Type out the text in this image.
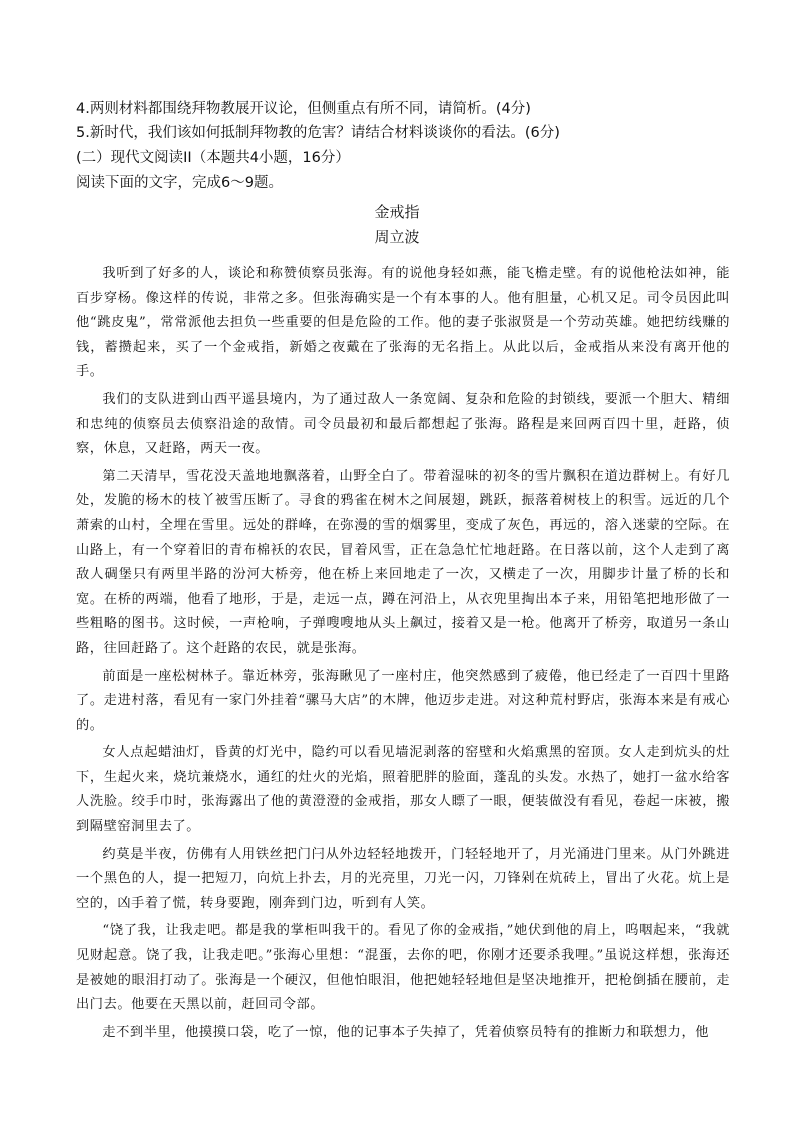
4.两则材料都围绕拜物教展开议论，但侧重点有所不同，请简析。(4分)
5.新时代，我们该如何抵制拜物教的危害？请结合材料谈谈你的看法。(6分)
(二）现代文阅读II（本题共4小题，16分）
阅读下面的文字，完成6～9题。
金戒指
周立波

我听到了好多的人，谈论和称赞侦察员张海。有的说他身轻如燕，能飞檐走壁。有的说他枪法如神，能百步穿杨。像这样的传说，非常之多。但张海确实是一个有本事的人。他有胆量，心机又足。司令员因此叫他“跳皮鬼”，常常派他去担负一些重要的但是危险的工作。他的妻子张淑贤是一个劳动英雄。她把纺线赚的钱，蓄攒起来，买了一个金戒指，新婚之夜戴在了张海的无名指上。从此以后，金戒指从来没有离开他的手。

我们的支队进到山西平遥县境内，为了通过敌人一条宽阔、复杂和危险的封锁线，要派一个胆大、精细和忠纯的侦察员去侦察沿途的敌情。司令员最初和最后都想起了张海。路程是来回两百四十里，赶路，侦察，休息，又赶路，两天一夜。

第二天清早，雪花没天盖地地飘落着，山野全白了。带着湿味的初冬的雪片飘积在道边群树上。有好几处，发脆的杨木的枝丫被雪压断了。寻食的鸦雀在树木之间展翅，跳跃，振落着树枝上的积雪。远近的几个萧索的山村，全埋在雪里。远处的群峰，在弥漫的雪的烟雾里，变成了灰色，再远的，溶入迷蒙的空际。在山路上，有一个穿着旧的青布棉袄的农民，冒着风雪，正在急急忙忙地赶路。在日落以前，这个人走到了离敌人碉堡只有两里半路的汾河大桥旁，他在桥上来回地走了一次，又横走了一次，用脚步计量了桥的长和宽。在桥的两端，他看了地形，于是，走远一点，蹲在河沿上，从衣兜里掏出本子来，用铅笔把地形做了一些粗略的图书。这时候，一声枪响，子弹嗖嗖地从头上飙过，接着又是一枪。他离开了桥旁，取道另一条山路，往回赶路了。这个赶路的农民，就是张海。

前面是一座松树林子。靠近林旁，张海瞅见了一座村庄，他突然感到了疲倦，他已经走了一百四十里路了。走进村落，看见有一家门外挂着“骡马大店”的木牌，他迈步走进。对这种荒村野店，张海本来是有戒心的。

女人点起蜡油灯，昏黄的灯光中，隐约可以看见墙泥剥落的窑壁和火焰熏黑的窑顶。女人走到炕头的灶下，生起火来，烧坑兼烧水，通红的灶火的光焰，照着肥胖的脸面，蓬乱的头发。水热了，她打一盆水给客人洗脸。绞手巾时，张海露出了他的黄澄澄的金戒指，那女人瞟了一眼，便装做没有看见，卷起一床被，搬到隔壁窑洞里去了。

约莫是半夜，仿佛有人用铁丝把门闩从外边轻轻地拨开，门轻轻地开了，月光涌进门里来。从门外跳进一个黑色的人，提一把短刀，向炕上扑去，月的光亮里，刀光一闪，刀锋剁在炕砖上，冒出了火花。炕上是空的，凶手着了慌，转身要跑，刚奔到门边，听到有人笑。

“饶了我，让我走吧。都是我的掌柜叫我干的。看见了你的金戒指，”她伏到他的肩上，呜咽起来，“我就见财起意。饶了我，让我走吧。”张海心里想：“混蛋，去你的吧，你刚才还要杀我哩。”虽说这样想，张海还是被她的眼泪打动了。张海是一个硬汉，但他怕眼泪，他把她轻轻地但是坚决地推开，把枪倒插在腰前，走出门去。他要在天黑以前，赶回司令部。

走不到半里，他摸摸口袋，吃了一惊，他的记事本子失掉了，凭着侦察员特有的推断力和联想力，他
